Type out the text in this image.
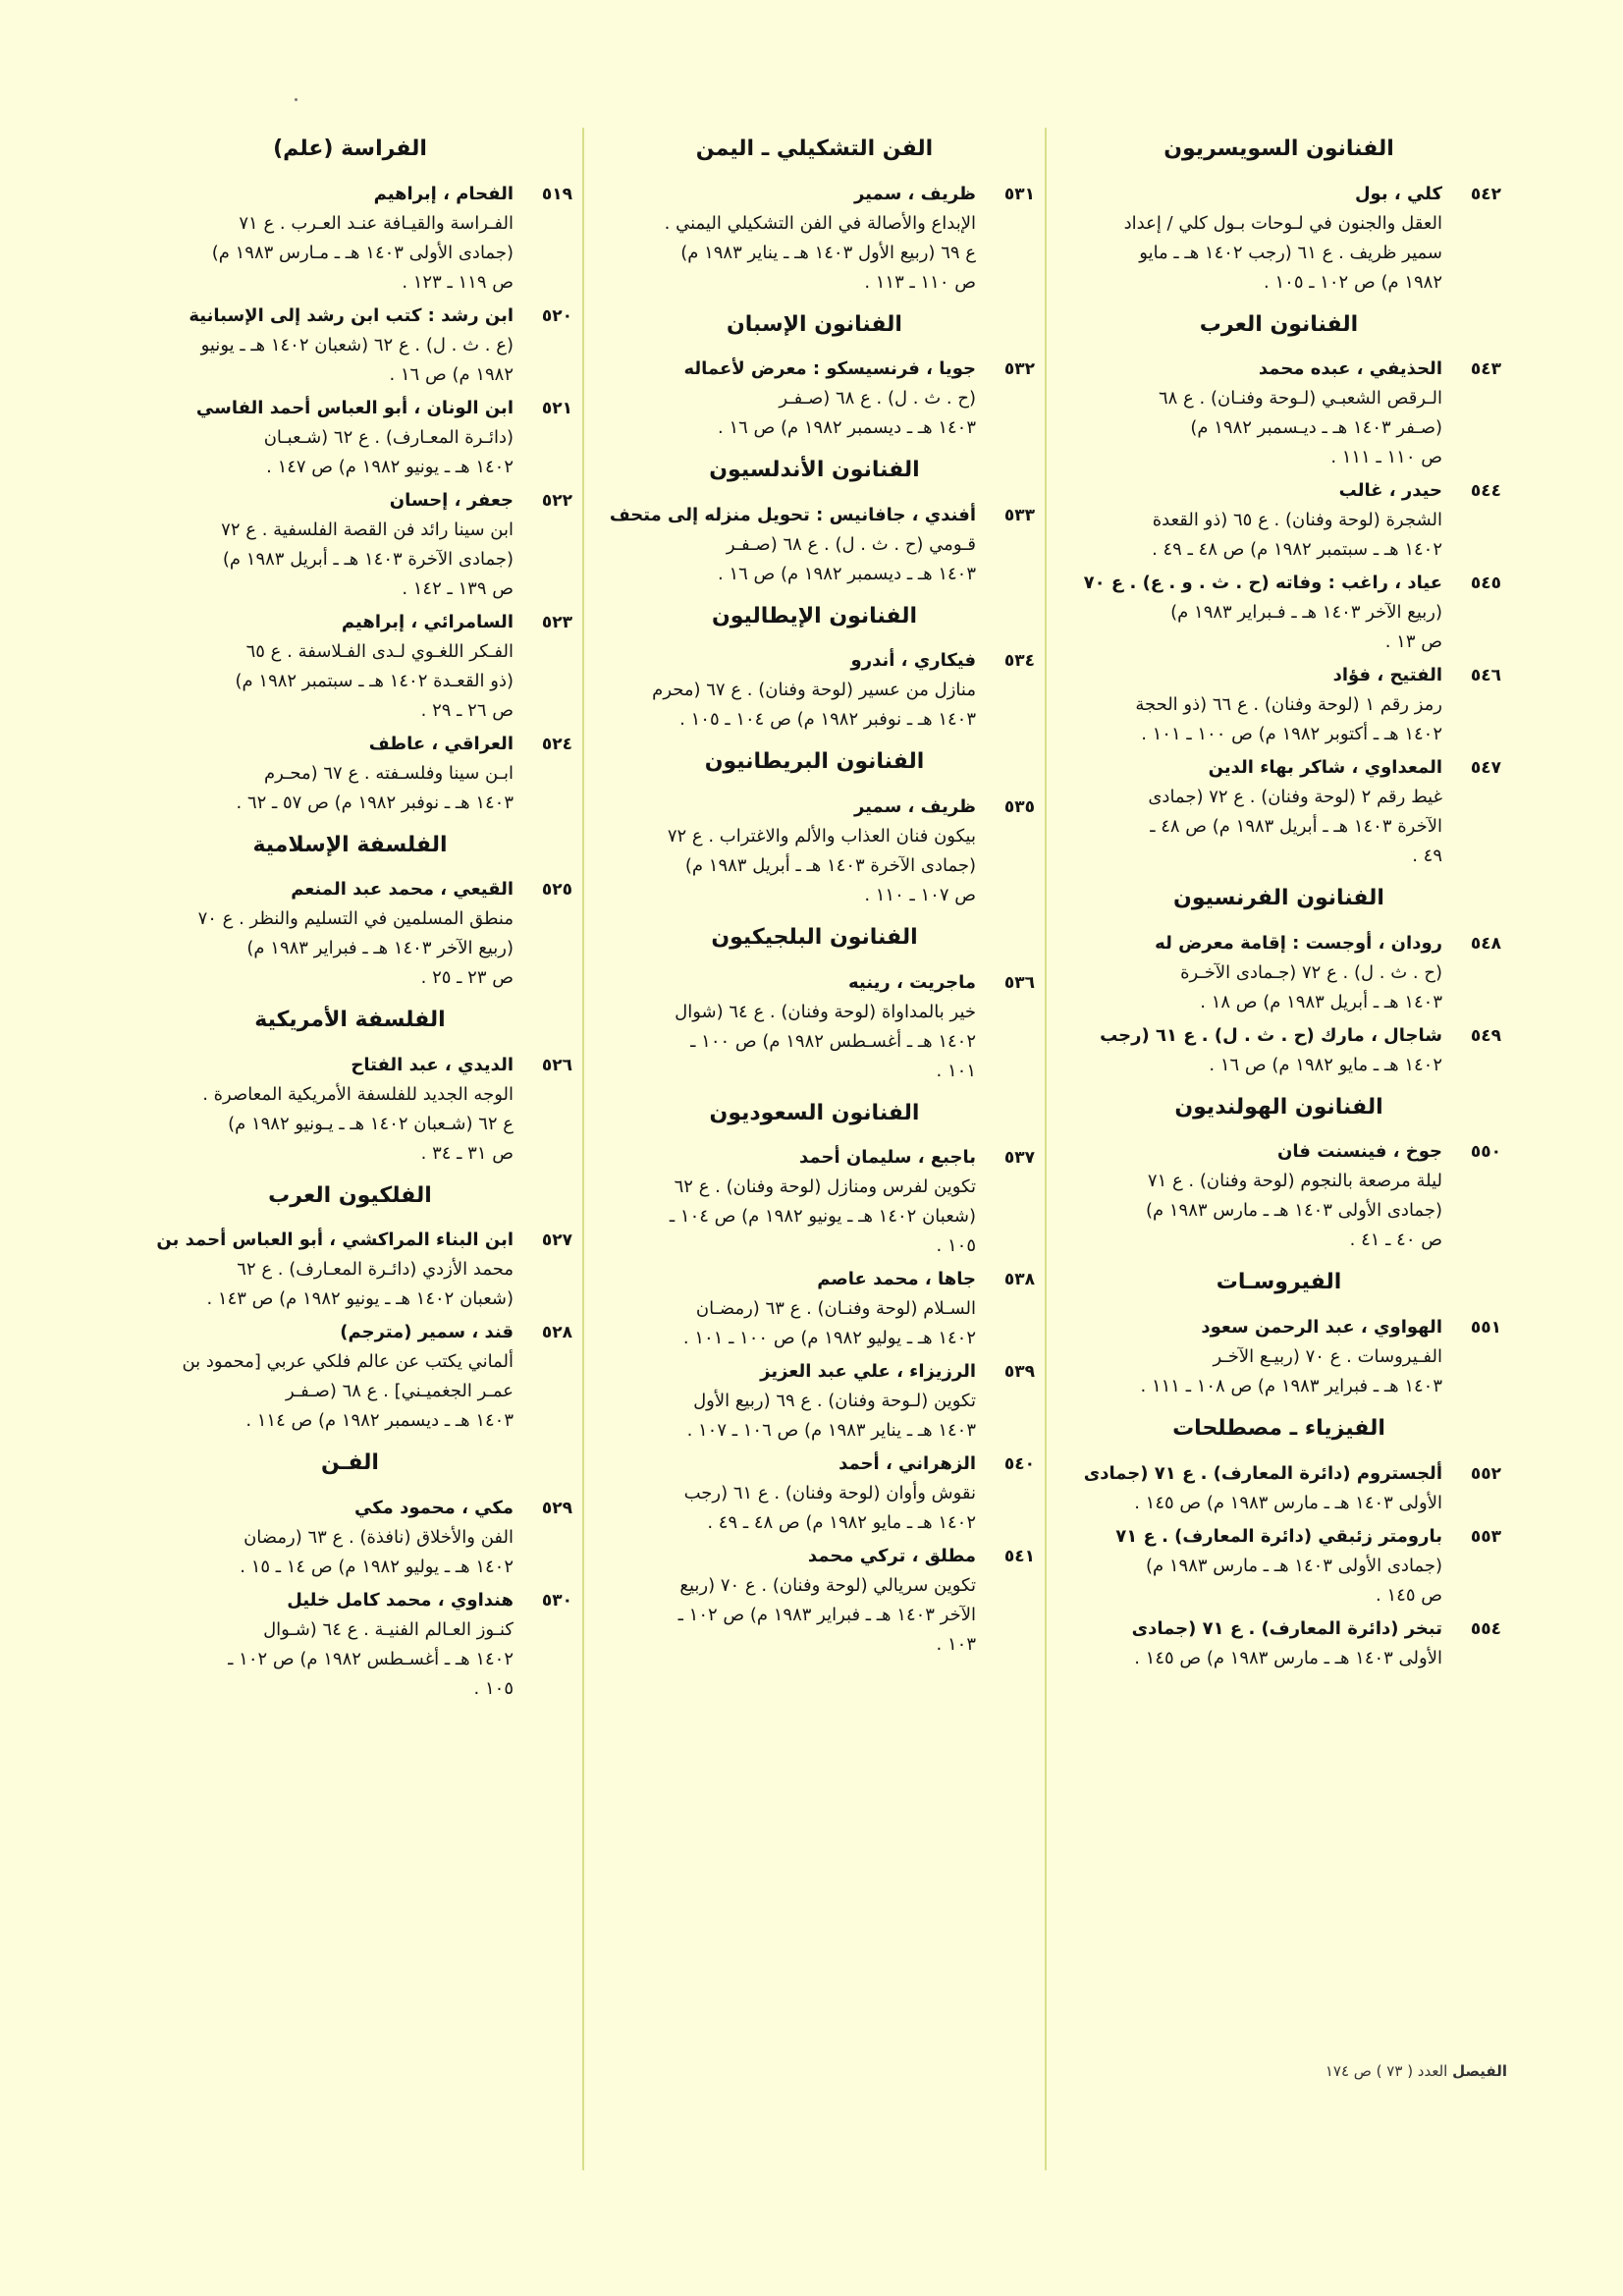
الفراسة (علم)
٥١٩
الفحام ، إبراهيم
الفـراسة والقيـافة عنـد العـرب . ع ٧١
(جمادى الأولى ١٤٠٣ هـ ـ مـارس ١٩٨٣ م)
ص ١١٩ ـ ١٢٣ .
٥٢٠
ابن رشد : كتب ابن رشد إلى الإسبانية
(ع . ث . ل) . ع ٦٢ (شعبان ١٤٠٢ هـ ـ يونيو
١٩٨٢ م) ص ١٦ .
٥٢١
ابن الونان ، أبو العباس أحمد الفاسي
(دائـرة المعـارف) . ع ٦٢ (شـعبـان
١٤٠٢ هـ ـ يونيو ١٩٨٢ م) ص ١٤٧ .
٥٢٢
جعفر ، إحسان
ابن سينا رائد فن القصة الفلسفية . ع ٧٢
(جمادى الآخرة ١٤٠٣ هـ ـ أبريل ١٩٨٣ م)
ص ١٣٩ ـ ١٤٢ .
٥٢٣
السامرائي ، إبراهيم
الفـكر اللغـوي لـدى الفـلاسفة . ع ٦٥
(ذو القعـدة ١٤٠٢ هـ ـ سبتمبر ١٩٨٢ م)
ص ٢٦ ـ ٢٩ .
٥٢٤
العراقي ، عاطف
ابـن سينا وفلسـفته . ع ٦٧ (محـرم
١٤٠٣ هـ ـ نوفبر ١٩٨٢ م) ص ٥٧ ـ ٦٢ .
الفلسفة الإسلامية
٥٢٥
القيعي ، محمد عبد المنعم
منطق المسلمين في التسليم والنظر . ع ٧٠
(ربيع الآخر ١٤٠٣ هـ ـ فبراير ١٩٨٣ م)
ص ٢٣ ـ ٢٥ .
الفلسفة الأمريكية
٥٢٦
الديدي ، عبد الفتاح
الوجه الجديد للفلسفة الأمريكية المعاصرة .
ع ٦٢ (شـعبان ١٤٠٢ هـ ـ يـونيو ١٩٨٢ م)
ص ٣١ ـ ٣٤ .
الفلكيون العرب
٥٢٧
ابن البناء المراكشي ، أبو العباس أحمد بن
محمد الأزدي (دائـرة المعـارف) . ع ٦٢
(شعبان ١٤٠٢ هـ ـ يونيو ١٩٨٢ م) ص ١٤٣ .
٥٢٨
قند ، سمير (مترجم)
ألماني يكتب عن عالم فلكي عربي [محمود بن
عمـر الجغميـني] . ع ٦٨ (صـفـر
١٤٠٣ هـ ـ ديسمبر ١٩٨٢ م) ص ١١٤ .
الفـن
٥٢٩
مكي ، محمود مكي
الفن والأخلاق (نافذة) . ع ٦٣ (رمضان
١٤٠٢ هـ ـ يوليو ١٩٨٢ م) ص ١٤ ـ ١٥ .
٥٣٠
هنداوي ، محمد كامل خليل
كنـوز العـالم الفنيـة . ع ٦٤ (شـوال
١٤٠٢ هـ ـ أغسـطس ١٩٨٢ م) ص ١٠٢ ـ
١٠٥ .
الفن التشكيلي ـ اليمن
٥٣١
ظريف ، سمير
الإبداع والأصالة في الفن التشكيلي اليمني .
ع ٦٩ (ربيع الأول ١٤٠٣ هـ ـ يناير ١٩٨٣ م)
ص ١١٠ ـ ١١٣ .
الفنانون الإسبان
٥٣٢
جويا ، فرنسيسكو : معرض لأعماله
(ح . ث . ل) . ع ٦٨ (صـفـر
١٤٠٣ هـ ـ ديسمبر ١٩٨٢ م) ص ١٦ .
الفنانون الأندلسيون
٥٣٣
أفندي ، جافانيس : تحويل منزله إلى متحف
قـومي (ح . ث . ل) . ع ٦٨ (صـفـر
١٤٠٣ هـ ـ ديسمبر ١٩٨٢ م) ص ١٦ .
الفنانون الإيطاليون
٥٣٤
فيكاري ، أندرو
منازل من عسير (لوحة وفنان) . ع ٦٧ (محرم
١٤٠٣ هـ ـ نوفبر ١٩٨٢ م) ص ١٠٤ ـ ١٠٥ .
الفنانون البريطانيون
٥٣٥
ظريف ، سمير
بيكون فنان العذاب والألم والاغتراب . ع ٧٢
(جمادى الآخرة ١٤٠٣ هـ ـ أبريل ١٩٨٣ م)
ص ١٠٧ ـ ١١٠ .
الفنانون البلجيكيون
٥٣٦
ماجريت ، رينيه
خير بالمداواة (لوحة وفنان) . ع ٦٤ (شوال
١٤٠٢ هـ ـ أغسـطس ١٩٨٢ م) ص ١٠٠ ـ
١٠١ .
الفنانون السعوديون
٥٣٧
باجبع ، سليمان أحمد
تكوين لفرس ومنازل (لوحة وفنان) . ع ٦٢
(شعبان ١٤٠٢ هـ ـ يونيو ١٩٨٢ م) ص ١٠٤ ـ
١٠٥ .
٥٣٨
جاها ، محمد عاصم
السـلام (لوحة وفنـان) . ع ٦٣ (رمضـان
١٤٠٢ هـ ـ يوليو ١٩٨٢ م) ص ١٠٠ ـ ١٠١ .
٥٣٩
الرزيزاء ، علي عبد العزيز
تكوين (لـوحة وفنان) . ع ٦٩ (ربيع الأول
١٤٠٣ هـ ـ يناير ١٩٨٣ م) ص ١٠٦ ـ ١٠٧ .
٥٤٠
الزهراني ، أحمد
نقوش وأوان (لوحة وفنان) . ع ٦١ (رجب
١٤٠٢ هـ ـ مايو ١٩٨٢ م) ص ٤٨ ـ ٤٩ .
٥٤١
مطلق ، تركي محمد
تكوين سريالي (لوحة وفنان) . ع ٧٠ (ربيع
الآخر ١٤٠٣ هـ ـ فبراير ١٩٨٣ م) ص ١٠٢ ـ
١٠٣ .
الفنانون السويسريون
٥٤٢
كلي ، بول
العقل والجنون في لـوحات بـول كلي / إعداد
سمير ظريف . ع ٦١ (رجب ١٤٠٢ هـ ـ مايو
١٩٨٢ م) ص ١٠٢ ـ ١٠٥ .
الفنانون العرب
٥٤٣
الحذيفي ، عبده محمد
الـرقص الشعبـي (لـوحة وفنـان) . ع ٦٨
(صـفر ١٤٠٣ هـ ـ ديـسمبر ١٩٨٢ م)
ص ١١٠ ـ ١١١ .
٥٤٤
حيدر ، غالب
الشجرة (لوحة وفنان) . ع ٦٥ (ذو القعدة
١٤٠٢ هـ ـ سبتمبر ١٩٨٢ م) ص ٤٨ ـ ٤٩ .
٥٤٥
عياد ، راغب : وفاته (ح . ث . و . ع) . ع ٧٠
(ربيع الآخر ١٤٠٣ هـ ـ فـبراير ١٩٨٣ م)
ص ١٣ .
٥٤٦
الفتيح ، فؤاد
رمز رقم ١ (لوحة وفنان) . ع ٦٦ (ذو الحجة
١٤٠٢ هـ ـ أكتوبر ١٩٨٢ م) ص ١٠٠ ـ ١٠١ .
٥٤٧
المعداوي ، شاكر بهاء الدين
غيط رقم ٢ (لوحة وفنان) . ع ٧٢ (جمادى
الآخرة ١٤٠٣ هـ ـ أبريل ١٩٨٣ م) ص ٤٨ ـ
٤٩ .
الفنانون الفرنسيون
٥٤٨
رودان ، أوجست : إقامة معرض له
(ح . ث . ل) . ع ٧٢ (جـمادى الآخـرة
١٤٠٣ هـ ـ أبريل ١٩٨٣ م) ص ١٨ .
٥٤٩
شاجال ، مارك (ح . ث . ل) . ع ٦١ (رجب
١٤٠٢ هـ ـ مايو ١٩٨٢ م) ص ١٦ .
الفنانون الهولنديون
٥٥٠
جوخ ، فينسنت فان
ليلة مرصعة بالنجوم (لوحة وفنان) . ع ٧١
(جمادى الأولى ١٤٠٣ هـ ـ مارس ١٩٨٣ م)
ص ٤٠ ـ ٤١ .
الفيروسـات
٥٥١
الهواوي ، عبد الرحمن سعود
الفـيروسات . ع ٧٠ (ربيـع الآخـر
١٤٠٣ هـ ـ فبراير ١٩٨٣ م) ص ١٠٨ ـ ١١١ .
الفيزياء ـ مصطلحات
٥٥٢
ألجستروم (دائرة المعارف) . ع ٧١ (جمادى
الأولى ١٤٠٣ هـ ـ مارس ١٩٨٣ م) ص ١٤٥ .
٥٥٣
بارومتر زئبقي (دائرة المعارف) . ع ٧١
(جمادى الأولى ١٤٠٣ هـ ـ مارس ١٩٨٣ م)
ص ١٤٥ .
٥٥٤
تبخر (دائرة المعارف) . ع ٧١ (جمادى
الأولى ١٤٠٣ هـ ـ مارس ١٩٨٣ م) ص ١٤٥ .
الفيصل العدد ( ٧٣ ) ص ١٧٤
